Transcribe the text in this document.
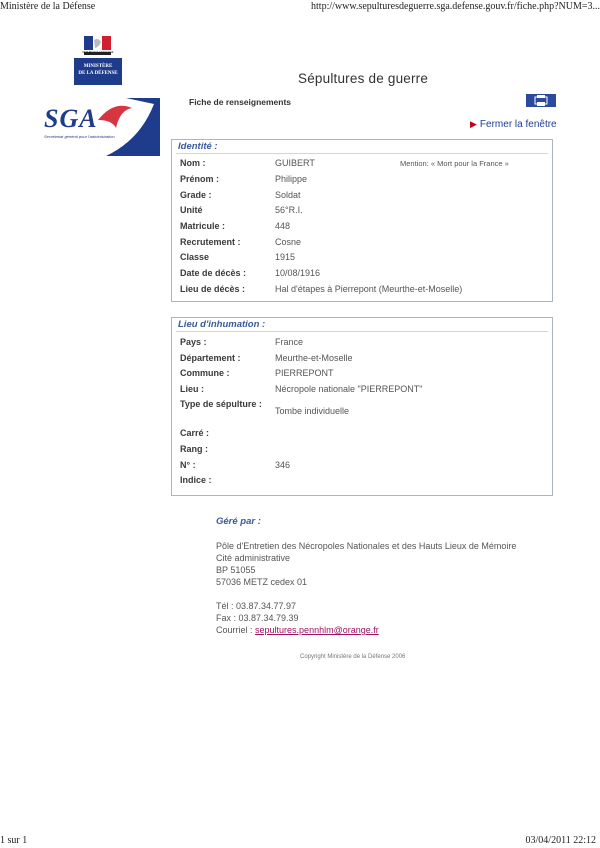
Ministère de la Défense	http://www.sepulturesdeguerre.sga.defense.gouv.fr/fiche.php?NUM=3...
1 sur 1	03/04/2011 22:12
RÉPUBLIQUE FRANÇAISE
MINISTÈRE
DE LA DÉFENSE	Sépultures de guerre
SGA
Secrétariat général pour l'administration
Fiche de renseignements
▶ Fermer la fenêtre
Identité :
Mention: « Mort pour la France »
Nom :	GUIBERT
Prénom :	Philippe
Grade :	Soldat
Unité	56°R.I.
Matricule :	448
Recrutement :	Cosne
Classe	1915
Date de décès :	10/08/1916
Lieu de décès :	Hal d'étapes à Pierrepont (Meurthe-et-Moselle)
Lieu d'inhumation :
Pays :	France
Département :	Meurthe-et-Moselle
Commune :	PIERREPONT
Lieu :	Nécropole nationale "PIERREPONT"
Type de sépulture :
Tombe individuelle
Carré :
Rang :
N° :	346
Indice :
Géré par :
Pôle d'Entretien des Nécropoles Nationales et des Hauts Lieux de Mémoire
Cité administrative
BP 51055
57036 METZ cedex 01
Tél : 03.87.34.77.97
Fax : 03.87.34.79.39
Courriel : sepultures.pennhlm@orange.fr
Copyright Ministère de la Défense 2006
